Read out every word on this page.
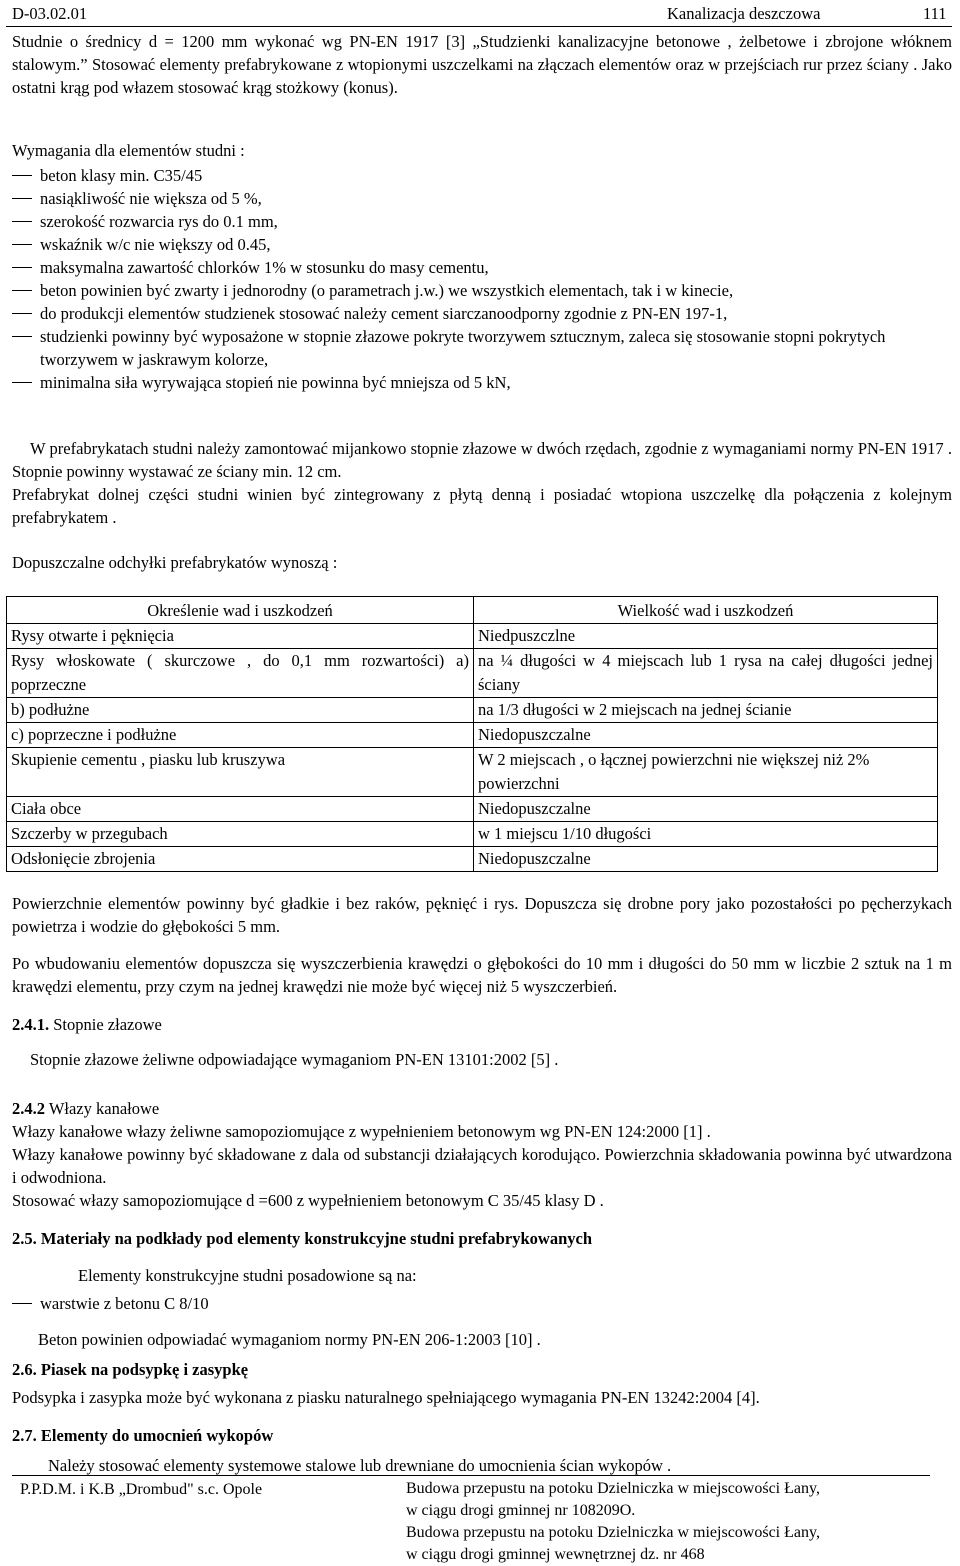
D-03.02.01	Kanalizacja deszczowa	111
Studnie o średnicy d = 1200 mm wykonać wg PN-EN 1917 [3] „Studzienki kanalizacyjne betonowe , żelbetowe i zbrojone włóknem stalowym.” Stosować elementy prefabrykowane z wtopionymi uszczelkami na złączach elementów oraz w przejściach rur przez ściany . Jako ostatni krąg pod włazem stosować krąg stożkowy (konus).
Wymagania dla elementów studni :
beton klasy min. C35/45
nasiąkliwość nie większa od 5 %,
szerokość rozwarcia rys do 0.1 mm,
wskaźnik w/c nie większy od 0.45,
maksymalna zawartość chlorków 1% w stosunku do masy cementu,
beton powinien być zwarty i jednorodny (o parametrach j.w.) we wszystkich elementach, tak i w kinecie,
do produkcji elementów studzienek stosować należy cement siarczanoodporny zgodnie z PN-EN 197-1,
studzienki powinny być wyposażone w stopnie złazowe pokryte tworzywem sztucznym, zaleca się stosowanie stopni pokrytych tworzywem w jaskrawym kolorze,
minimalna siła wyrywająca stopień nie powinna być mniejsza od 5 kN,
W prefabrykatach studni należy zamontować mijankowo stopnie złazowe w dwóch rzędach, zgodnie z wymaganiami normy PN-EN 1917 . Stopnie powinny wystawać ze ściany min. 12 cm.
Prefabrykat dolnej części studni winien być zintegrowany z płytą denną i posiadać wtopiona uszczelkę dla połączenia z kolejnym prefabrykatem .
Dopuszczalne odchyłki prefabrykatów wynoszą :
Określenie wad i uszkodzeń	Wielkość wad i uszkodzeń
Rysy otwarte i pęknięcia	Niedpuszczlne
Rysy włoskowate ( skurczowe , do 0,1 mm rozwartości) a) poprzeczne	na ¼ długości w 4 miejscach lub 1 rysa na całej długości jednej ściany
b) podłużne	na 1/3 długości w 2 miejscach na jednej ścianie
c) poprzeczne i podłużne	Niedopuszczalne
Skupienie cementu , piasku lub kruszywa	W 2 miejscach , o łącznej powierzchni nie większej niż 2% powierzchni
Ciała obce	Niedopuszczalne
Szczerby w przegubach	w 1 miejscu 1/10 długości
Odsłonięcie zbrojenia	Niedopuszczalne
Powierzchnie elementów powinny być gładkie i bez raków, pęknięć i rys. Dopuszcza się drobne pory jako pozostałości po pęcherzykach powietrza i wodzie do głębokości 5 mm.
Po wbudowaniu elementów dopuszcza się wyszczerbienia krawędzi o głębokości do 10 mm i długości do 50 mm w liczbie 2 sztuk na 1 m krawędzi elementu, przy czym na jednej krawędzi nie może być więcej niż 5 wyszczerbień.
2.4.1. Stopnie złazowe
Stopnie złazowe żeliwne odpowiadające wymaganiom PN-EN 13101:2002 [5] .
2.4.2 Włazy kanałowe
Włazy kanałowe włazy żeliwne samopoziomujące z wypełnieniem betonowym wg PN-EN 124:2000 [1] .
Włazy kanałowe powinny być składowane z dala od substancji działających korodująco. Powierzchnia składowania powinna być utwardzona i odwodniona.
Stosować włazy samopoziomujące d =600 z wypełnieniem betonowym C 35/45 klasy D .
2.5. Materiały na podkłady pod elementy konstrukcyjne studni prefabrykowanych
Elementy konstrukcyjne studni posadowione są na:
warstwie z betonu C 8/10
Beton powinien odpowiadać wymaganiom normy PN-EN 206-1:2003 [10] .
2.6. Piasek na podsypkę i zasypkę
Podsypka i zasypka może być wykonana z piasku naturalnego spełniającego wymagania PN-EN 13242:2004 [4].
2.7. Elementy do umocnień wykopów
Należy stosować elementy systemowe stalowe lub drewniane do umocnienia ścian wykopów .
P.P.D.M. i K.B „Drombud" s.c. Opole	Budowa przepustu na potoku Dzielniczka w miejscowości Łany,
w ciągu drogi gminnej nr 108209O.
Budowa przepustu na potoku Dzielniczka w miejscowości Łany,
w ciągu drogi gminnej wewnętrznej dz. nr 468
